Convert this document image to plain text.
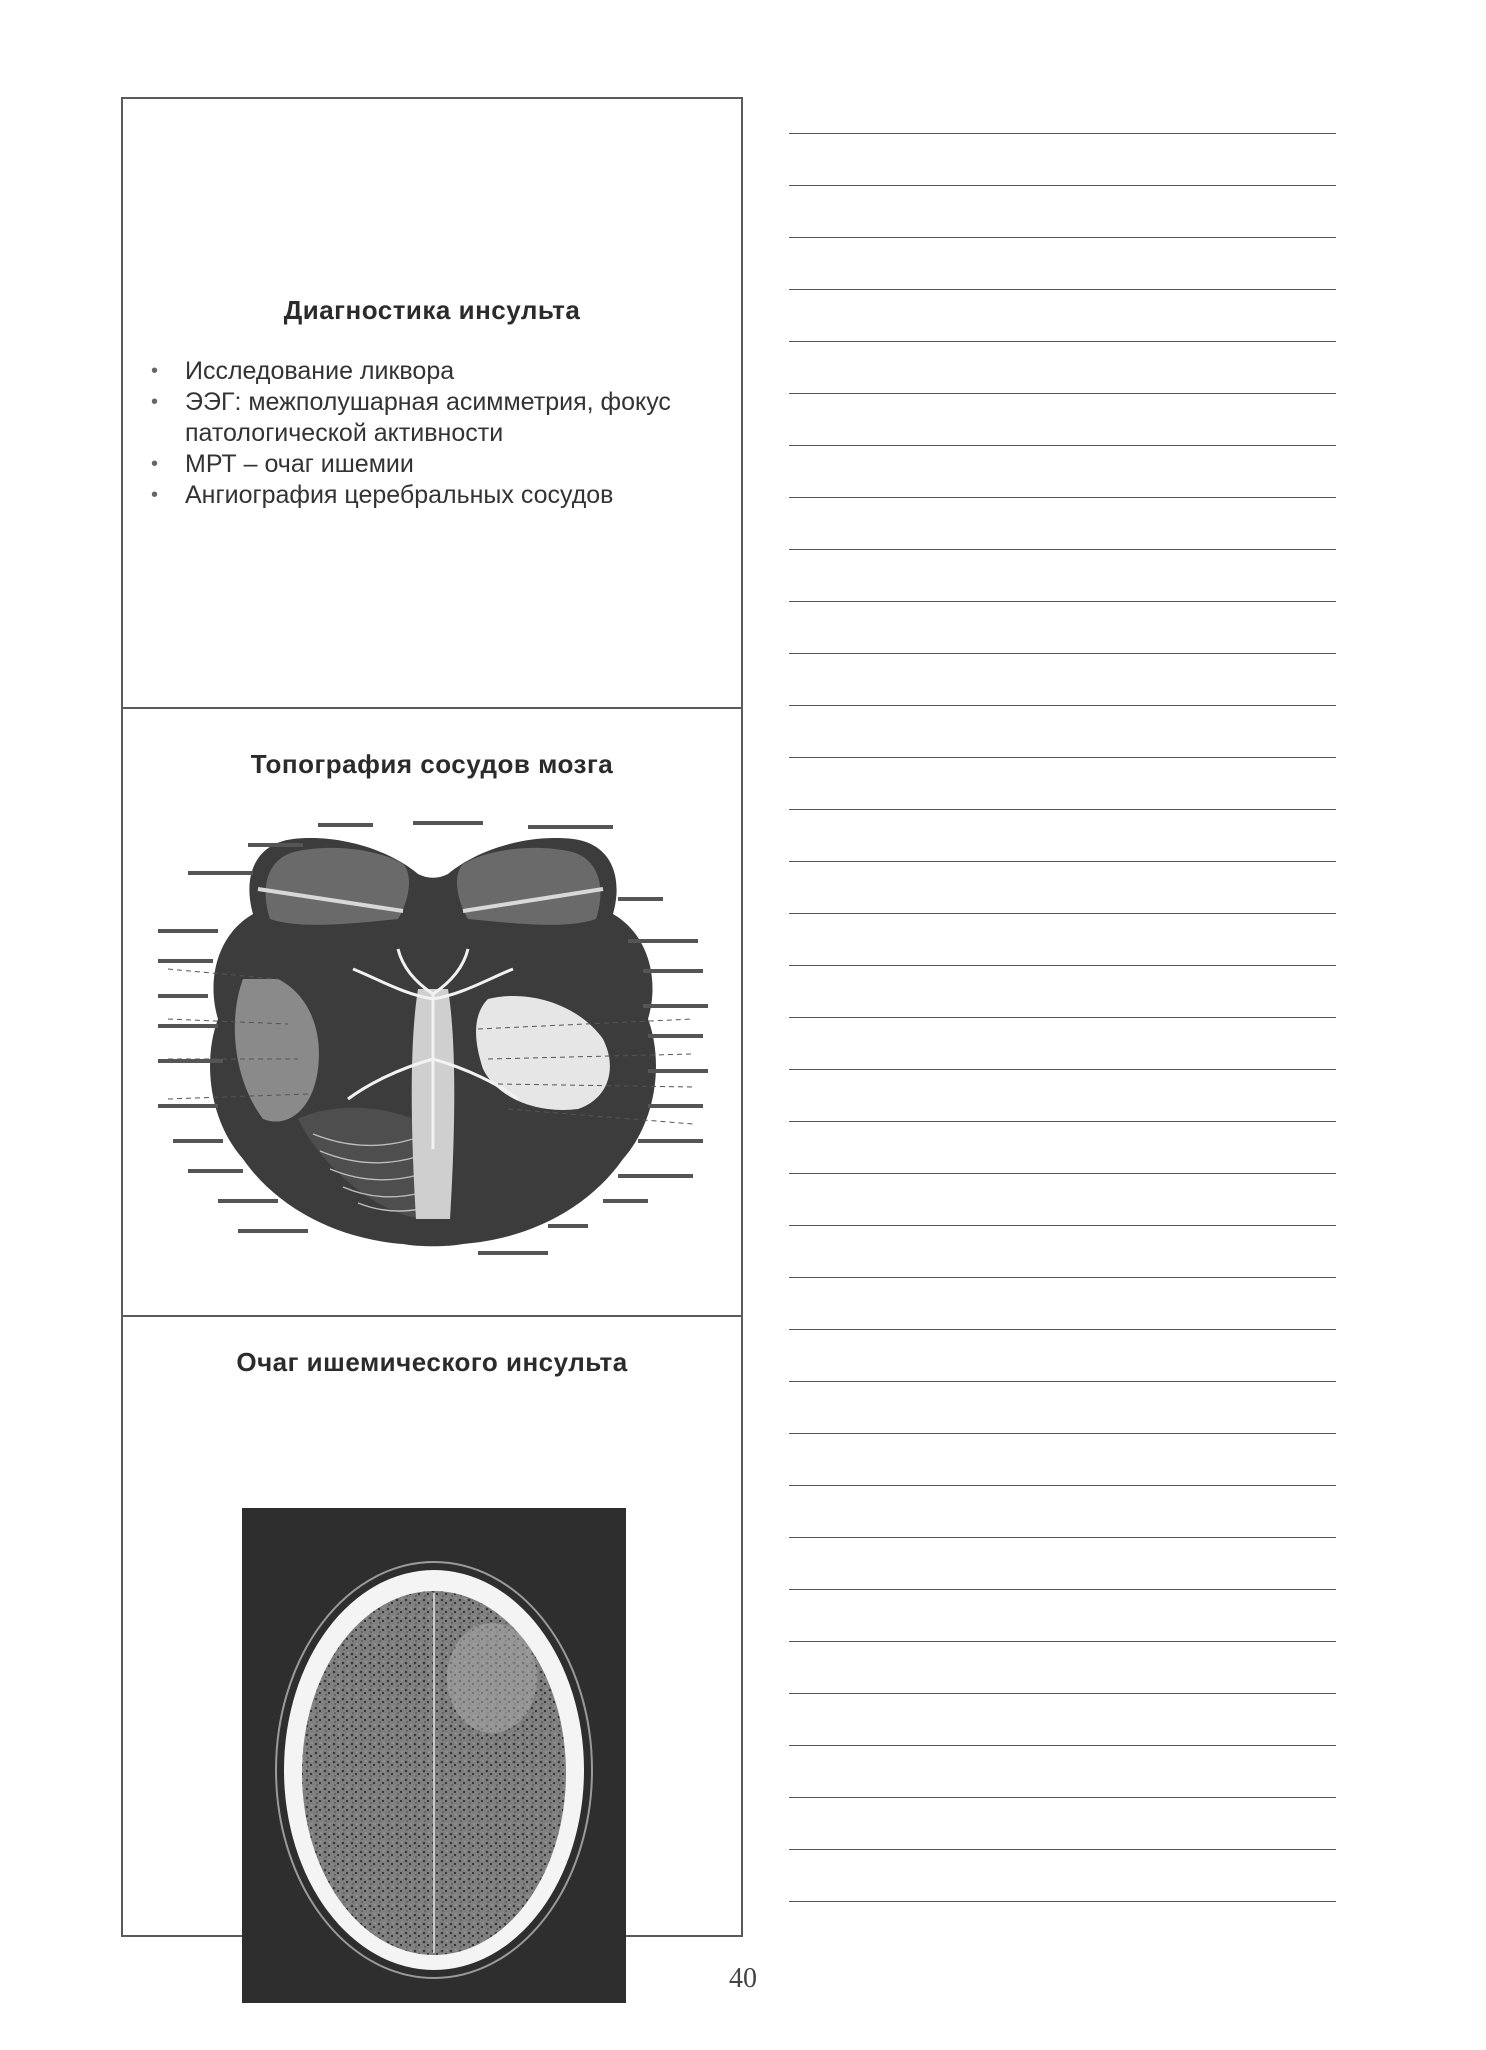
Диагностика инсульта
• Исследование ликвора
• ЭЭГ: межполушарная асимметрия, фокус патологической активности
• МРТ – очаг ишемии
• Ангиография церебральных сосудов
Топография сосудов мозга
Очаг ишемического инсульта
40
